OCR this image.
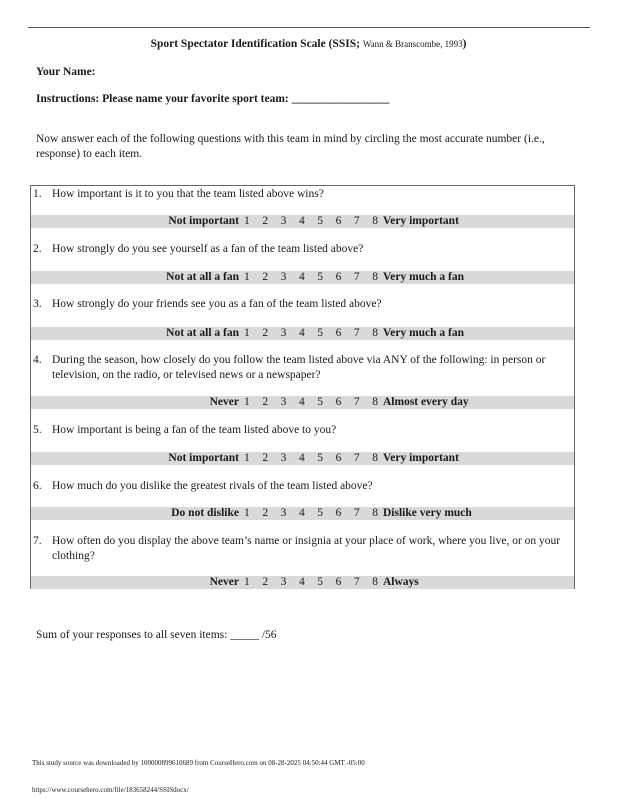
Sport Spectator Identification Scale (SSIS; Wann & Branscombe, 1993)
Your Name:
Instructions: Please name your favorite sport team: _________________
Now answer each of the following questions with this team in mind by circling the most accurate number (i.e., response) to each item.
1. How important is it to you that the team listed above wins?
Not important 1 2 3 4 5 6 7 8 Very important
2. How strongly do you see yourself as a fan of the team listed above?
Not at all a fan 1 2 3 4 5 6 7 8 Very much a fan
3. How strongly do your friends see you as a fan of the team listed above?
Not at all a fan 1 2 3 4 5 6 7 8 Very much a fan
4. During the season, how closely do you follow the team listed above via ANY of the following: in person or television, on the radio, or televised news or a newspaper?
Never 1 2 3 4 5 6 7 8 Almost every day
5. How important is being a fan of the team listed above to you?
Not important 1 2 3 4 5 6 7 8 Very important
6. How much do you dislike the greatest rivals of the team listed above?
Do not dislike 1 2 3 4 5 6 7 8 Dislike very much
7. How often do you display the above team’s name or insignia at your place of work, where you live, or on your clothing?
Never 1 2 3 4 5 6 7 8 Always
Sum of your responses to all seven items: _____ /56
This study source was downloaded by 100000899610689 from CourseHero.com on 08-28-2025 04:50:44 GMT -05:00
https://www.coursehero.com/file/183658244/SSISdocx/
